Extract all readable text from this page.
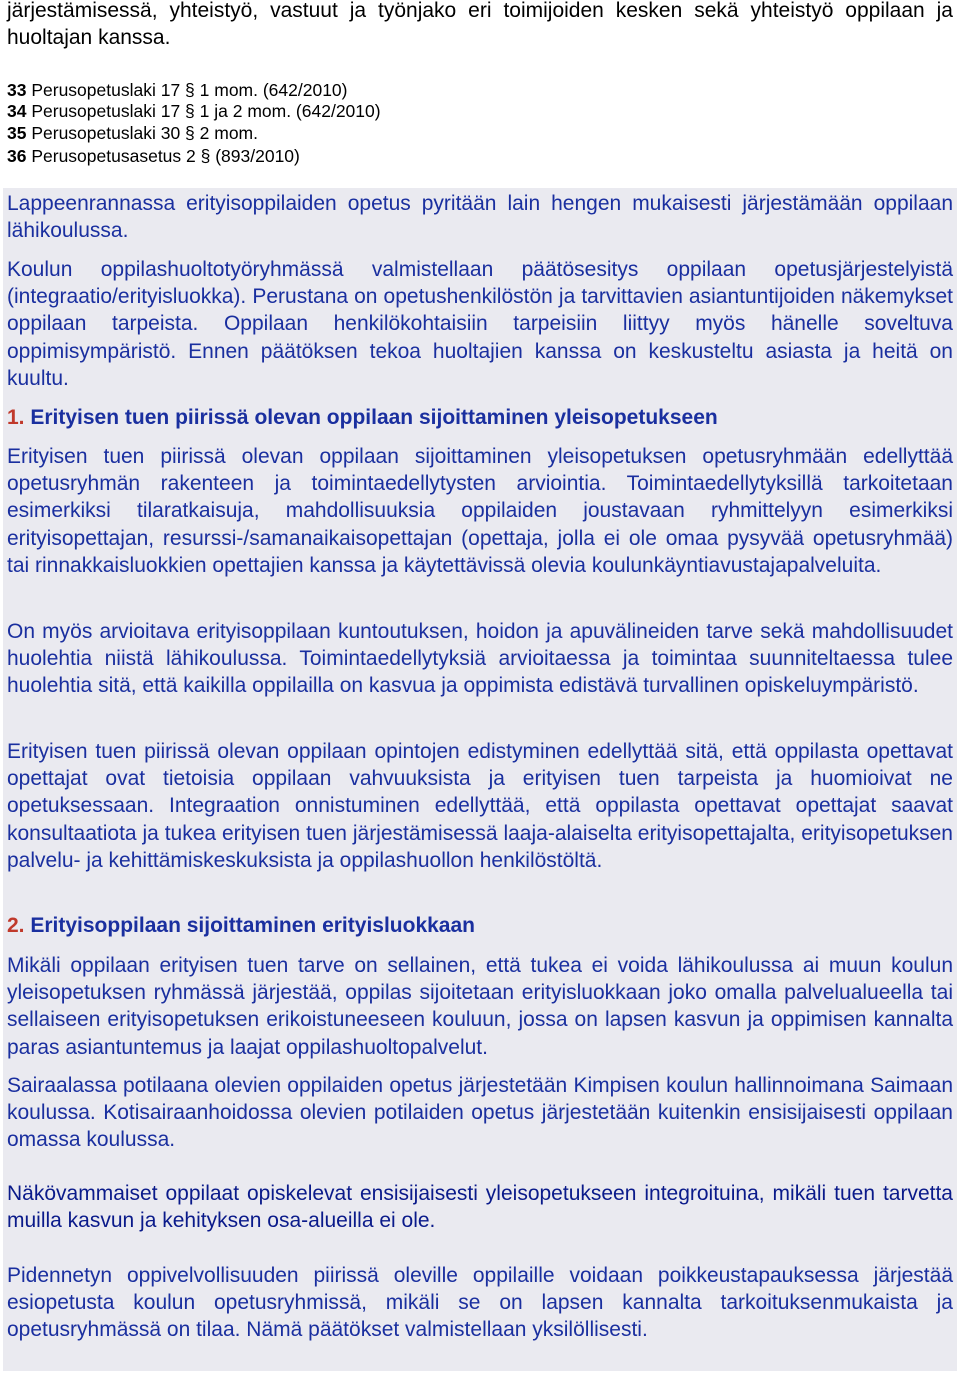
järjestämisessä, yhteistyö, vastuut ja työnjako eri toimijoiden kesken sekä yhteistyö oppilaan ja huoltajan kanssa.

33 Perusopetuslaki 17 § 1 mom. (642/2010)
34 Perusopetuslaki 17 § 1 ja 2 mom. (642/2010)
35 Perusopetuslaki 30 § 2 mom.
36 Perusopetusasetus 2 § (893/2010)

Lappeenrannassa erityisoppilaiden opetus pyritään lain hengen mukaisesti järjestämään oppilaan lähikoulussa.

Koulun oppilashuoltotyöryhmässä valmistellaan päätösesitys oppilaan opetusjärjestelyistä (integraatio/erityisluokka). Perustana on opetushenkilöstön ja tarvittavien asiantuntijoiden näkemykset oppilaan tarpeista. Oppilaan henkilökohtaisiin tarpeisiin liittyy myös hänelle soveltuva oppimisympäristö. Ennen päätöksen tekoa huoltajien kanssa on keskusteltu asiasta ja heitä on kuultu.

1. Erityisen tuen piirissä olevan oppilaan sijoittaminen yleisopetukseen

Erityisen tuen piirissä olevan oppilaan sijoittaminen yleisopetuksen opetusryhmään edellyttää opetusryhmän rakenteen ja toimintaedellytysten arviointia. Toimintaedellytyksillä tarkoitetaan esimerkiksi tilaratkaisuja, mahdollisuuksia oppilaiden joustavaan ryhmittelyyn esimerkiksi erityisopettajan, resurssi-/samanaikaisopettajan (opettaja, jolla ei ole omaa pysyvää opetusryhmää) tai rinnakkaisluokkien opettajien kanssa ja käytettävissä olevia koulunkäyntiavustajapalveluita.

On myös arvioitava erityisoppilaan kuntoutuksen, hoidon ja apuvälineiden tarve sekä mahdollisuudet huolehtia niistä lähikoulussa. Toimintaedellytyksiä arvioitaessa ja toimintaa suunniteltaessa tulee huolehtia sitä, että kaikilla oppilailla on kasvua ja oppimista edistävä turvallinen opiskeluympäristö.

Erityisen tuen piirissä olevan oppilaan opintojen edistyminen edellyttää sitä, että oppilasta opettavat opettajat ovat tietoisia oppilaan vahvuuksista ja erityisen tuen tarpeista ja huomioivat ne opetuksessaan. Integraation onnistuminen edellyttää, että oppilasta opettavat opettajat saavat konsultaatiota ja tukea erityisen tuen järjestämisessä laaja-alaiselta erityisopettajalta, erityisopetuksen palvelu- ja kehittämiskeskuksista ja oppilashuollon henkilöstöltä.

2. Erityisoppilaan sijoittaminen erityisluokkaan

Mikäli oppilaan erityisen tuen tarve on sellainen, että tukea ei voida lähikoulussa ai muun koulun yleisopetuksen ryhmässä järjestää, oppilas sijoitetaan erityisluokkaan joko omalla palvelualueella tai sellaiseen erityisopetuksen erikoistuneeseen kouluun, jossa on lapsen kasvun ja oppimisen kannalta paras asiantuntemus ja laajat oppilashuoltopalvelut.

Sairaalassa potilaana olevien oppilaiden opetus järjestetään Kimpisen koulun hallinnoimana Saimaan koulussa. Kotisairaanhoidossa olevien potilaiden opetus järjestetään kuitenkin ensisijaisesti oppilaan omassa koulussa.

Näkövammaiset oppilaat opiskelevat ensisijaisesti yleisopetukseen integroituina, mikäli tuen tarvetta muilla kasvun ja kehityksen osa-alueilla ei ole.

Pidennetyn oppivelvollisuuden piirissä oleville oppilaille voidaan poikkeustapauksessa järjestää esiopetusta koulun opetusryhmissä, mikäli se on lapsen kannalta tarkoituksenmukaista ja opetusryhmässä on tilaa. Nämä päätökset valmistellaan yksilöllisesti.
